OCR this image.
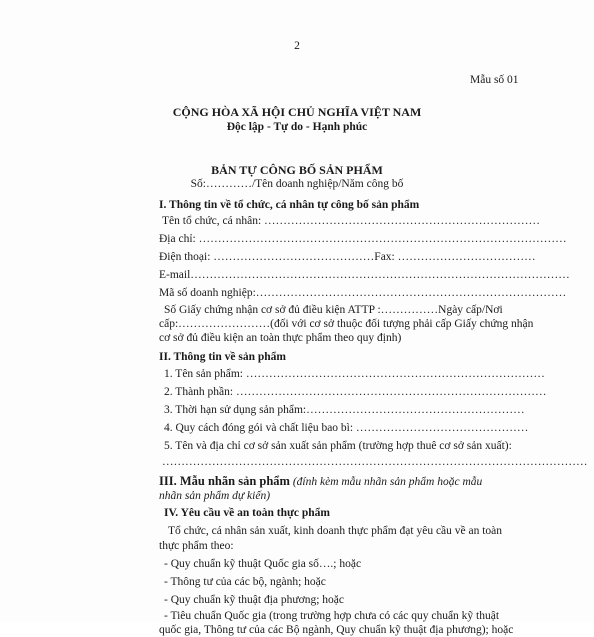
2
Mẫu số 01
CỘNG HÒA XÃ HỘI CHỦ NGHĨA VIỆT NAM
Độc lập - Tự do - Hạnh phúc
BẢN TỰ CÔNG BỐ SẢN PHẨM
Số:…………/Tên doanh nghiệp/Năm công bố
I. Thông tin về tổ chức, cá nhân tự công bố sản phẩm
Tên tổ chức, cá nhân: ………………………………………………………………
Địa chỉ: ……………………………………………………………………………………
Điện thoại: ……………………………………Fax: ………………………………
E-mail………………………………………………………………………………………
Mã số doanh nghiệp:………………………………………………………………………
Số Giấy chứng nhận cơ sở đủ điều kiện ATTP :……………Ngày cấp/Nơi
cấp:……………………(đối với cơ sở thuộc đối tượng phải cấp Giấy chứng nhận
cơ sở đủ điều kiện an toàn thực phẩm theo quy định)
II. Thông tin về sản phẩm
1. Tên sản phẩm: ……………………………………………………………………
2. Thành phần: ………………………………………………………………………
3. Thời hạn sử dụng sản phẩm:…………………………………………………
4. Quy cách đóng gói và chất liệu bao bì: ………………………………………
5. Tên và địa chỉ cơ sở sản xuất sản phẩm (trường hợp thuê cơ sở sản xuất):
…………………………………………………………………………………………………
III. Mẫu nhãn sản phẩm (đính kèm mẫu nhãn sản phẩm hoặc mẫu
nhãn sản phẩm dự kiến)
IV. Yêu cầu về an toàn thực phẩm
Tổ chức, cá nhân sản xuất, kinh doanh thực phẩm đạt yêu cầu về an toàn
thực phẩm theo:
- Quy chuẩn kỹ thuật Quốc gia số….; hoặc
- Thông tư của các bộ, ngành; hoặc
- Quy chuẩn kỹ thuật địa phương; hoặc
- Tiêu chuẩn Quốc gia (trong trường hợp chưa có các quy chuẩn kỹ thuật
quốc gia, Thông tư của các Bộ ngành, Quy chuẩn kỹ thuật địa phương); hoặc
